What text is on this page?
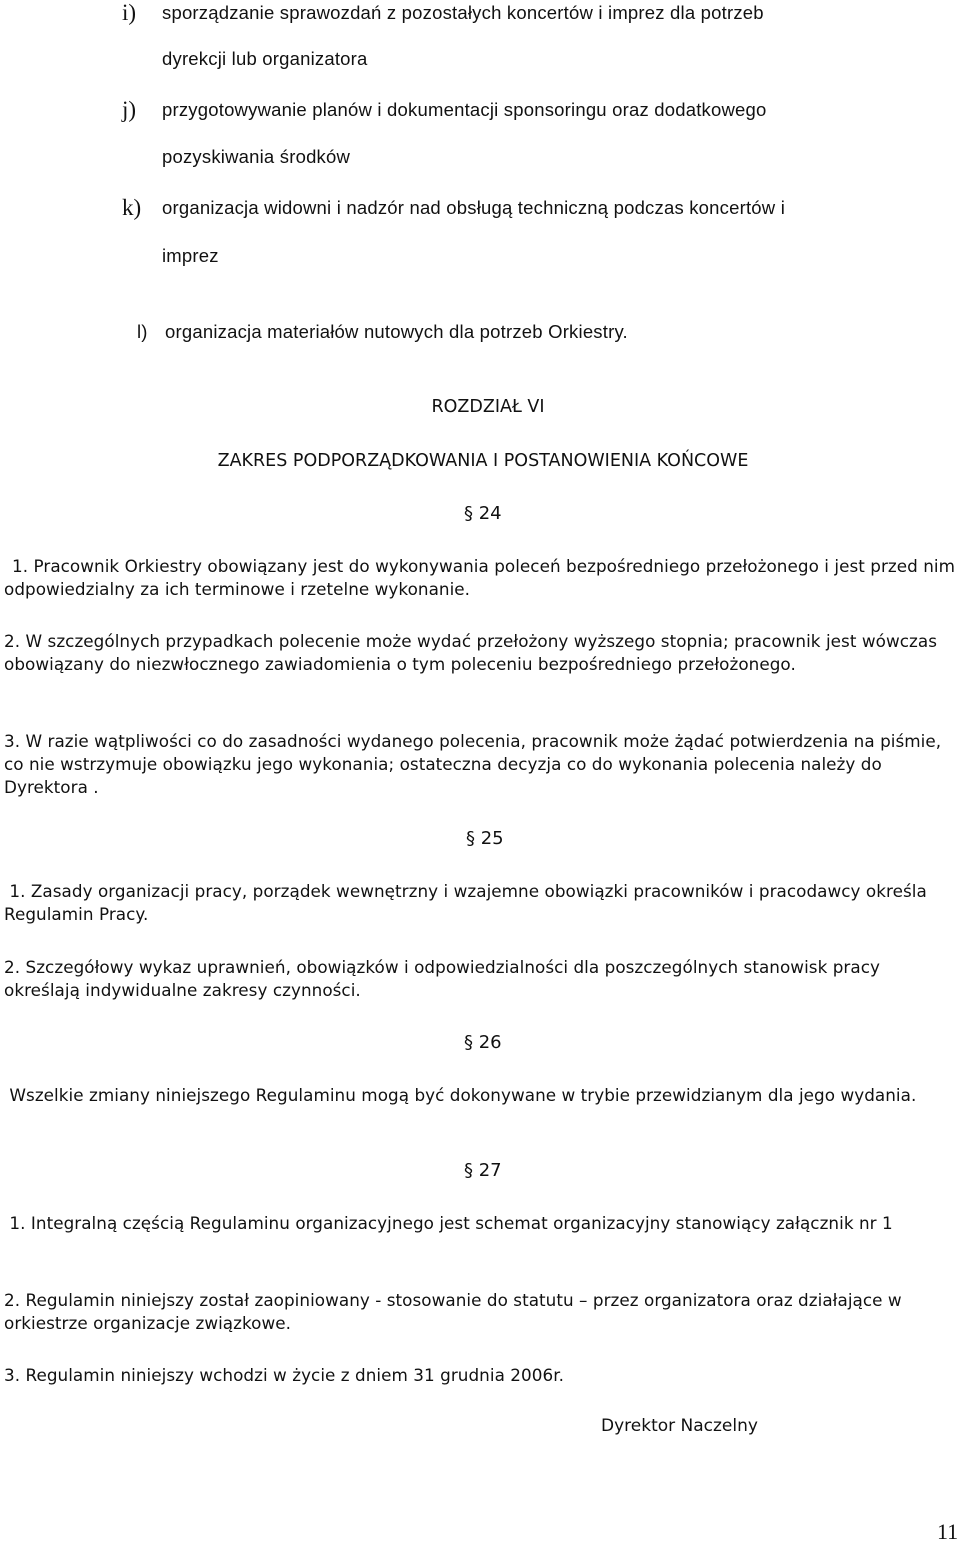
i) sporządzanie sprawozdań z pozostałych koncertów i imprez dla potrzeb
dyrekcji lub organizatora
j) przygotowywanie planów i dokumentacji sponsoringu oraz dodatkowego
pozyskiwania środków
k) organizacja widowni i nadzór nad obsługą techniczną podczas koncertów i
imprez
l) organizacja materiałów nutowych dla potrzeb Orkiestry.
ROZDZIAŁ VI
ZAKRES PODPORZĄDKOWANIA I POSTANOWIENIA KOŃCOWE
§ 24
1. Pracownik Orkiestry obowiązany jest do wykonywania poleceń bezpośredniego przełożonego i jest przed nim odpowiedzialny za ich terminowe i rzetelne wykonanie.
2. W szczególnych przypadkach polecenie może wydać przełożony wyższego stopnia; pracownik jest wówczas obowiązany do niezwłocznego zawiadomienia o tym poleceniu bezpośredniego przełożonego.
3. W razie wątpliwości co do zasadności wydanego polecenia, pracownik może żądać potwierdzenia na piśmie, co nie wstrzymuje obowiązku jego wykonania; ostateczna decyzja co do wykonania polecenia należy do Dyrektora .
§ 25
1. Zasady organizacji pracy, porządek wewnętrzny i wzajemne obowiązki pracowników i pracodawcy określa Regulamin Pracy.
2. Szczegółowy wykaz uprawnień, obowiązków i odpowiedzialności dla poszczególnych stanowisk pracy określają indywidualne zakresy czynności.
§ 26
Wszelkie zmiany niniejszego Regulaminu mogą być dokonywane w trybie przewidzianym dla jego wydania.
§ 27
1. Integralną częścią Regulaminu organizacyjnego jest schemat organizacyjny stanowiący załącznik nr 1
2. Regulamin niniejszy został zaopiniowany - stosowanie do statutu – przez organizatora oraz działające w orkiestrze organizacje związkowe.
3. Regulamin niniejszy wchodzi w życie z dniem 31 grudnia 2006r.
Dyrektor Naczelny
11
